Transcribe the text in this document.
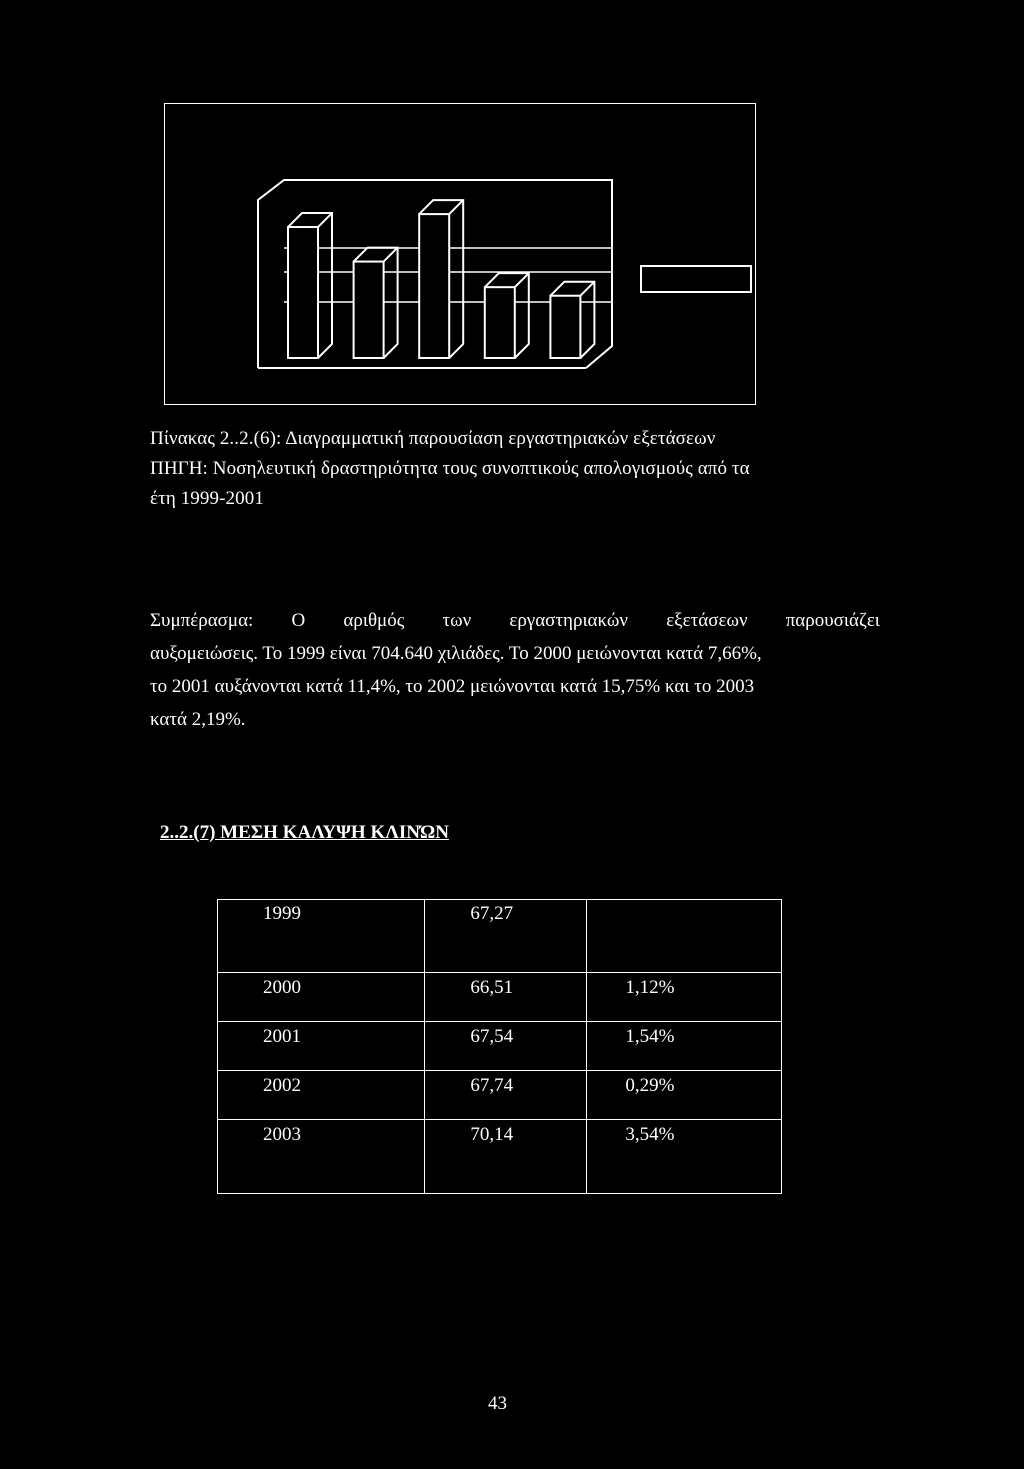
Πίνακας 2..2.(6): Διαγραμματική παρουσίαση εργαστηριακών εξετάσεων
ΠΗΓΗ: Νοσηλευτική δραστηριότητα τους συνοπτικούς απολογισμούς από τα
έτη 1999-2001
Συμπέρασμα: Ο αριθμός των εργαστηριακών εξετάσεων παρουσιάζει
αυξομειώσεις. Το 1999 είναι 704.640 χιλιάδες. Το 2000 μειώνονται κατά 7,66%,
το 2001 αυξάνονται κατά 11,4%, το 2002 μειώνονται κατά 15,75% και το 2003
κατά 2,19%.
2..2.(7) ΜΕΣΗ ΚΑΛΥΨΗ ΚΛΙΝΏΝ
1999	67,27	

2000	66,51	1,12%

2001	67,54	1,54%

2002	67,74	0,29%

2003	70,14	3,54%
43
